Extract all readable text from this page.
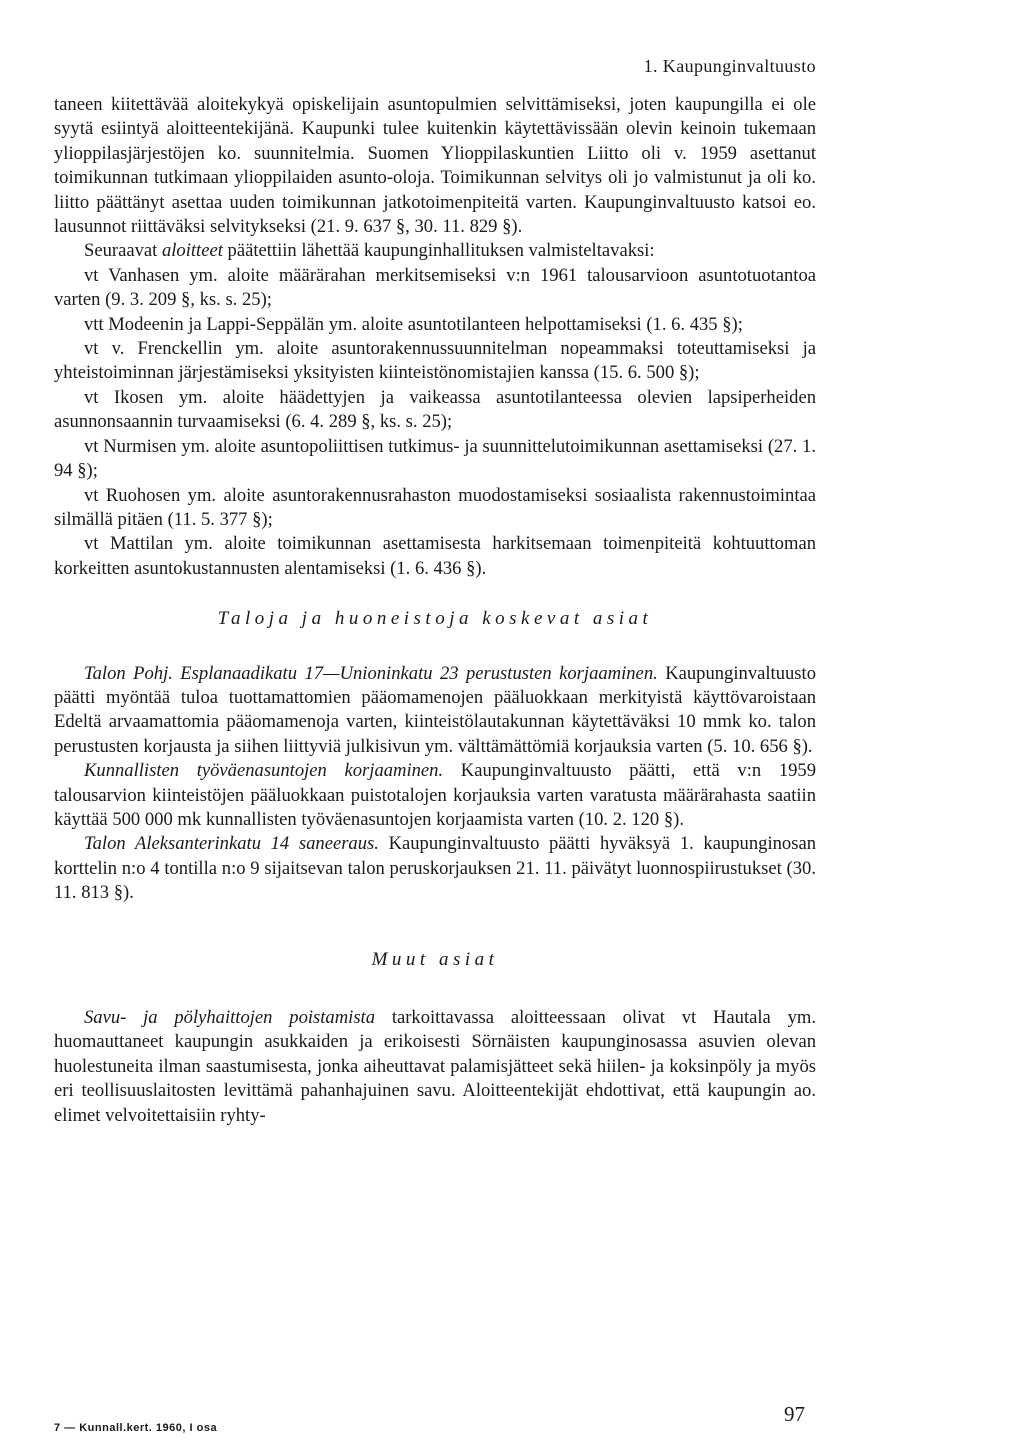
1. Kaupunginvaltuusto

taneen kiitettävää aloitekykyä opiskelijain asuntopulmien selvittämiseksi, joten kaupungilla ei ole syytä esiintyä aloitteentekijänä. Kaupunki tulee kuitenkin käytettävissään olevin keinoin tukemaan ylioppilasjärjestöjen ko. suunnitelmia. Suomen Ylioppilaskuntien Liitto oli v. 1959 asettanut toimikunnan tutkimaan ylioppilaiden asunto-oloja. Toimikunnan selvitys oli jo valmistunut ja oli ko. liitto päättänyt asettaa uuden toimikunnan jatkotoimenpiteitä varten. Kaupunginvaltuusto katsoi eo. lausunnot riittäväksi selvitykseksi (21. 9. 637 §, 30. 11. 829 §).

Seuraavat aloitteet päätettiin lähettää kaupunginhallituksen valmisteltavaksi:

vt Vanhasen ym. aloite määrärahan merkitsemiseksi v:n 1961 talousarvioon asuntotuotantoa varten (9. 3. 209 §, ks. s. 25);

vtt Modeenin ja Lappi-Seppälän ym. aloite asuntotilanteen helpottamiseksi (1. 6. 435 §);

vt v. Frenckellin ym. aloite asuntorakennussuunnitelman nopeammaksi toteuttamiseksi ja yhteistoiminnan järjestämiseksi yksityisten kiinteistönomistajien kanssa (15. 6. 500 §);

vt Ikosen ym. aloite häädettyjen ja vaikeassa asuntotilanteessa olevien lapsiperheiden asunnonsaannin turvaamiseksi (6. 4. 289 §, ks. s. 25);

vt Nurmisen ym. aloite asuntopoliittisen tutkimus- ja suunnittelutoimikunnan asettamiseksi (27. 1. 94 §);

vt Ruohosen ym. aloite asuntorakennusrahaston muodostamiseksi sosiaalista rakennustoimintaa silmällä pitäen (11. 5. 377 §);

vt Mattilan ym. aloite toimikunnan asettamisesta harkitsemaan toimenpiteitä kohtuuttoman korkeitten asuntokustannusten alentamiseksi (1. 6. 436 §).

Taloja ja huoneistoja koskevat asiat

Talon Pohj. Esplanaadikatu 17—Unioninkatu 23 perustusten korjaaminen. Kaupunginvaltuusto päätti myöntää tuloa tuottamattomien pääomamenojen pääluokkaan merkityistä käyttövaroistaan Edeltä arvaamattomia pääomamenoja varten, kiinteistölautakunnan käytettäväksi 10 mmk ko. talon perustusten korjausta ja siihen liittyviä julkisivun ym. välttämättömiä korjauksia varten (5. 10. 656 §).

Kunnallisten työväenasuntojen korjaaminen. Kaupunginvaltuusto päätti, että v:n 1959 talousarvion kiinteistöjen pääluokkaan puistotalojen korjauksia varten varatusta määrärahasta saatiin käyttää 500 000 mk kunnallisten työväenasuntojen korjaamista varten (10. 2. 120 §).

Talon Aleksanterinkatu 14 saneeraus. Kaupunginvaltuusto päätti hyväksyä 1. kaupunginosan korttelin n:o 4 tontilla n:o 9 sijaitsevan talon peruskorjauksen 21. 11. päivätyt luonnospiirustukset (30. 11. 813 §).

Muut asiat

Savu- ja pölyhaittojen poistamista tarkoittavassa aloitteessaan olivat vt Hautala ym. huomauttaneet kaupungin asukkaiden ja erikoisesti Sörnäisten kaupunginosassa asuvien olevan huolestuneita ilman saastumisesta, jonka aiheuttavat palamisjätteet sekä hiilen- ja koksinpöly ja myös eri teollisuuslaitosten levittämä pahanhajuinen savu. Aloitteentekijät ehdottivat, että kaupungin ao. elimet velvoitettaisiin ryhty-

7 — Kunnall.kert. 1960, I osa
97
